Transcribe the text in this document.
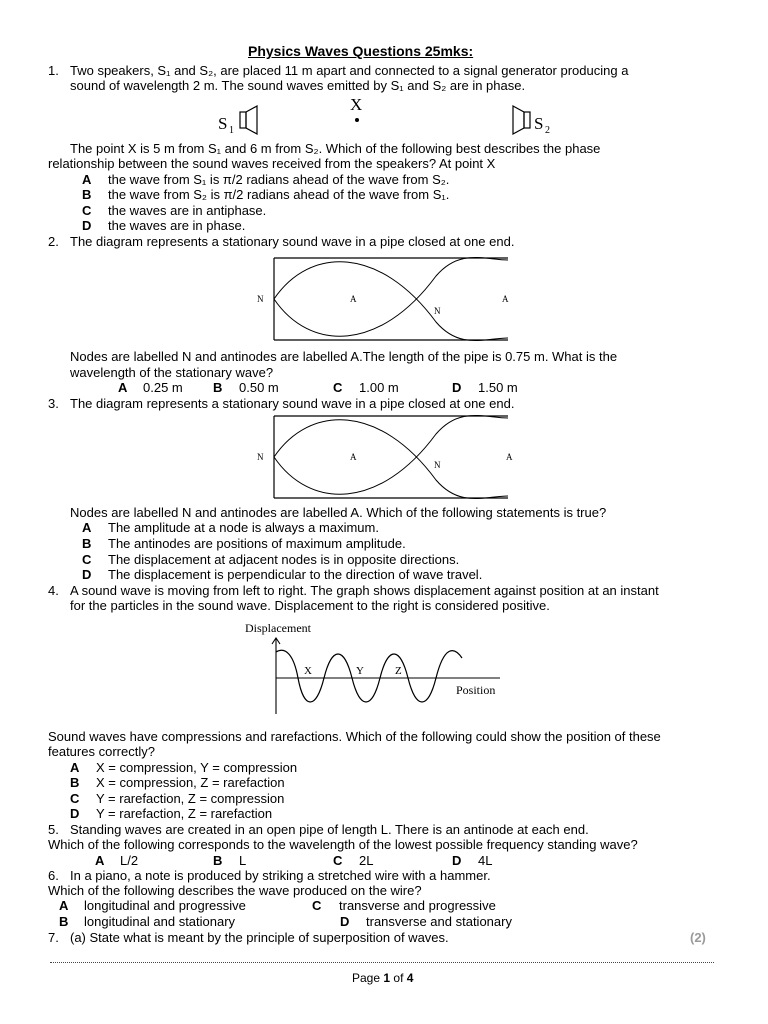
Physics Waves Questions 25mks:
1. Two speakers, S₁ and S₂, are placed 11 m apart and connected to a signal generator producing a
sound of wavelength 2 m. The sound waves emitted by S₁ and S₂ are in phase.
S 1
X
S 2
The point X is 5 m from S₁ and 6 m from S₂. Which of the following best describes the phase
relationship between the sound waves received from the speakers? At point X
A the wave from S₁ is π/2 radians ahead of the wave from S₂.
B the wave from S₂ is π/2 radians ahead of the wave from S₁.
C the waves are in antiphase.
D the waves are in phase.
2. The diagram represents a stationary sound wave in a pipe closed at one end.
N	A
N
A
Nodes are labelled N and antinodes are labelled A.The length of the pipe is 0.75 m. What is the
wavelength of the stationary wave?
A 0.25 m B 0.50 m	C 1.00 m	D 1.50 m
3. The diagram represents a stationary sound wave in a pipe closed at one end.
N	A
N
A
Nodes are labelled N and antinodes are labelled A. Which of the following statements is true?
A The amplitude at a node is always a maximum.
B The antinodes are positions of maximum amplitude.
C The displacement at adjacent nodes is in opposite directions.
D The displacement is perpendicular to the direction of wave travel.
4. A sound wave is moving from left to right. The graph shows displacement against position at an instant
for the particles in the sound wave. Displacement to the right is considered positive.
Displacement
X	Y	Z
Position
Sound waves have compressions and rarefactions. Which of the following could show the position of these
features correctly?
A X = compression, Y = compression
B X = compression, Z = rarefaction
C Y = rarefaction, Z = compression
D Y = rarefaction, Z = rarefaction
5. Standing waves are created in an open pipe of length L. There is an antinode at each end.
Which of the following corresponds to the wavelength of the lowest possible frequency standing wave?
A L/2	B L	C 2L	D 4L
6. In a piano, a note is produced by striking a stretched wire with a hammer.
Which of the following describes the wave produced on the wire?
A longitudinal and progressive	C transverse and progressive
B longitudinal and stationary	D transverse and stationary
7. (a) State what is meant by the principle of superposition of waves.	(2)
Page 1 of 4
